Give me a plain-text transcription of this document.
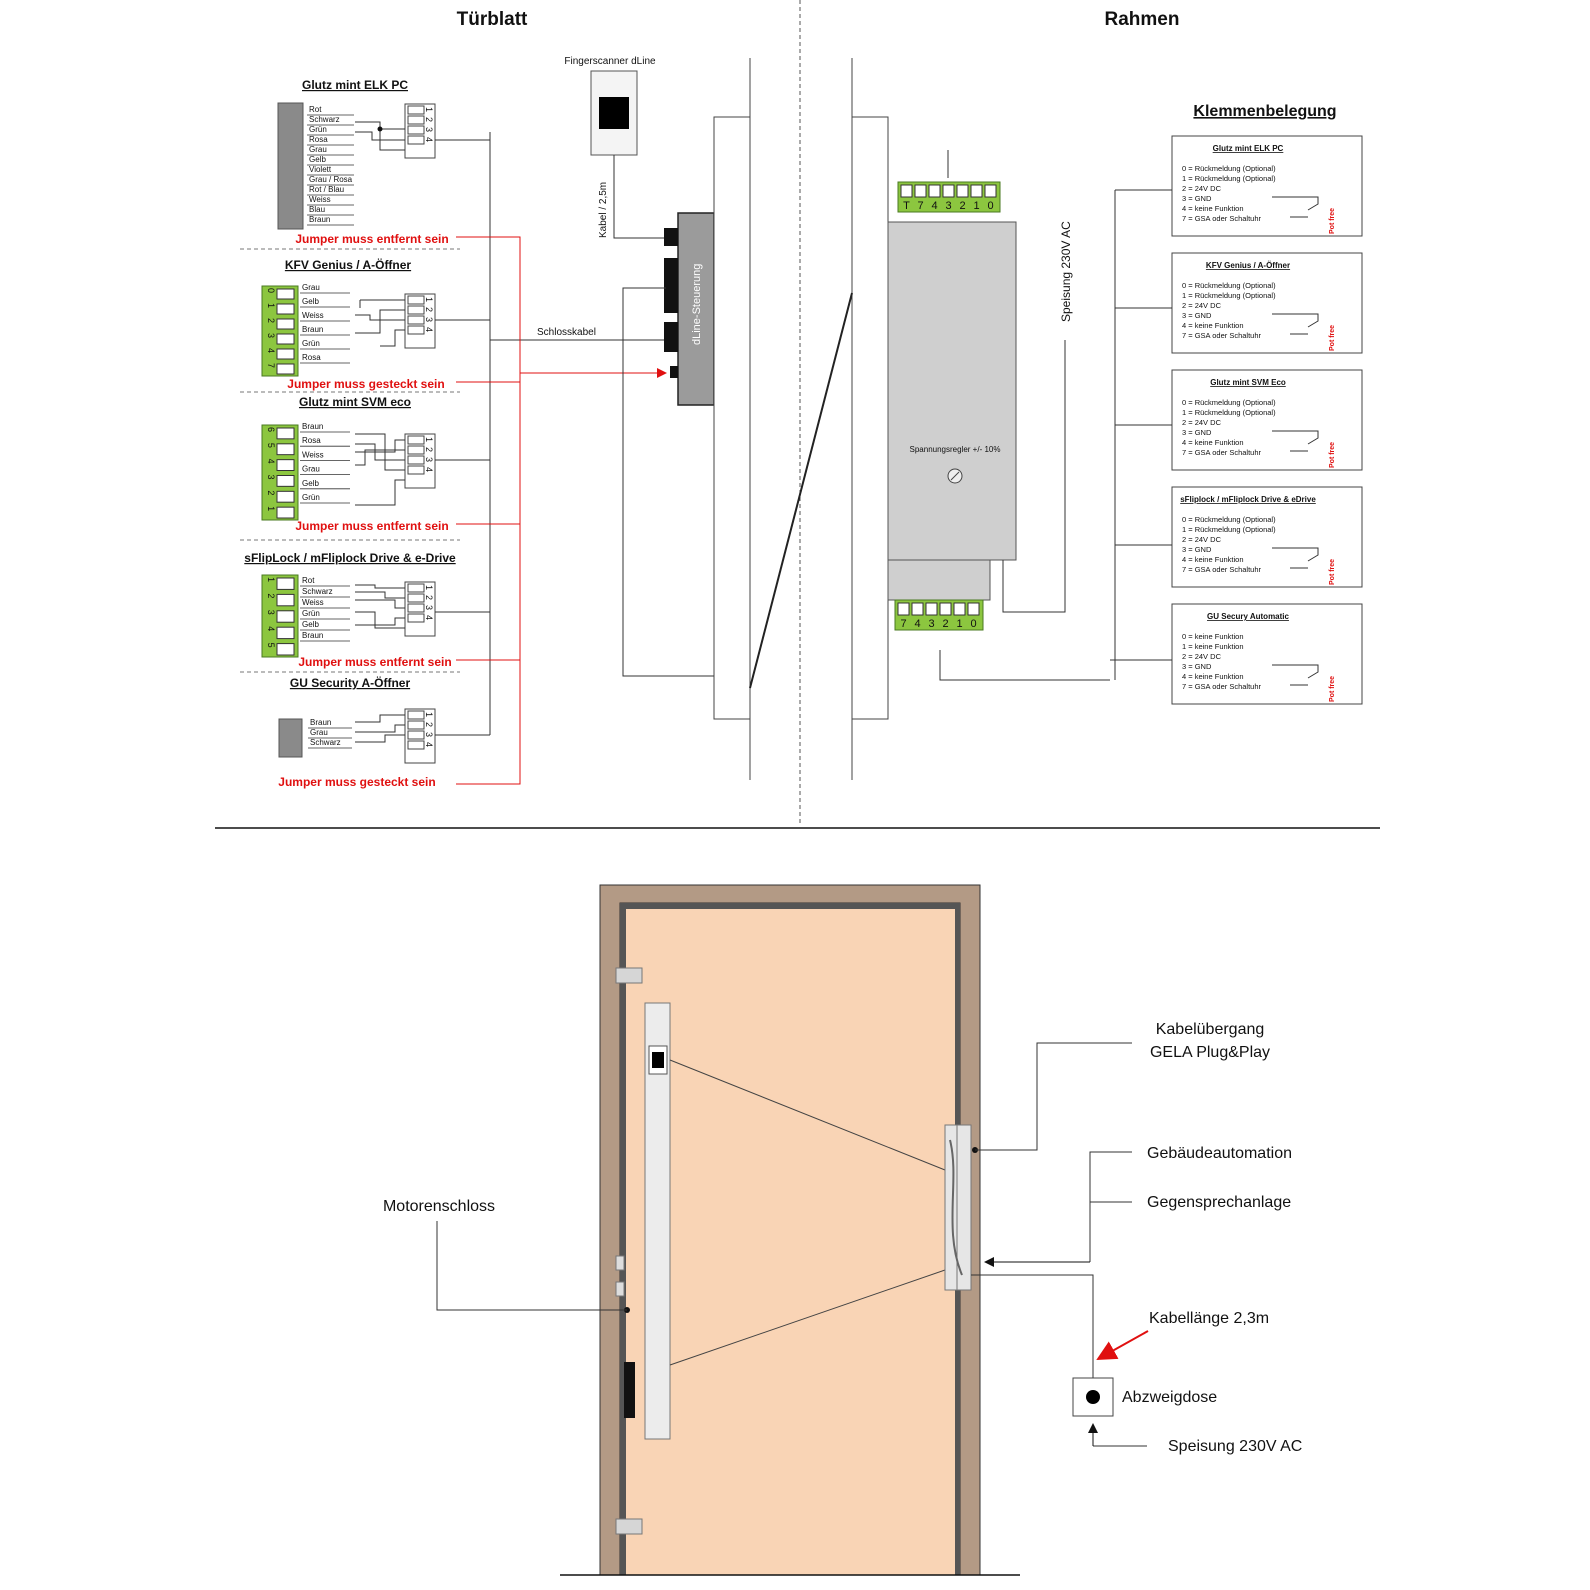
Türblatt	Rahmen
Glutz mint ELK PC
Rot
Schwarz
Grün
Rosa
Grau
Gelb
Violett
Grau / Rosa
Rot / Blau
Weiss
Blau
Braun
1
2
3
4
Jumper muss entfernt sein
KFV Genius / A-Öffner
0
1
2
3
4
7
Grau
Gelb
Weiss
Braun
Grün
Rosa
1
2
3
4
Jumper muss gesteckt sein
Glutz mint SVM eco
6
5
4
3
2
1
Braun
Rosa
Weiss
Grau
Gelb
Grün
1
2
3
4
Jumper muss entfernt sein
sFlipLock / mFliplock Drive & e-Drive
1
2
3
4
5
Rot
Schwarz
Weiss
Grün
Gelb
Braun
1
2
3
4
Jumper muss entfernt sein
GU Security A-Öffner
Braun
Grau
Schwarz
1
2
3
4
Jumper muss gesteckt sein
Schlosskabel
Fingerscanner dLine
Kabel / 2,5m
dLine-Steuerung
T 7 4 3 2 1 0
7 4 3 2 1 0
Spannungsregler +/- 10%
Speisung 230V AC
Klemmenbelegung
Glutz mint ELK PC
0 = Rückmeldung (Optional)
1 = Rückmeldung (Optional)
2 = 24V DC
3 = GND
4 = keine Funktion
7 = GSA oder Schaltuhr	Pot free
KFV Genius / A-Öffner
0 = Rückmeldung (Optional)
1 = Rückmeldung (Optional)
2 = 24V DC
3 = GND
4 = keine Funktion
7 = GSA oder Schaltuhr	Pot free
Glutz mint SVM Eco
0 = Rückmeldung (Optional)
1 = Rückmeldung (Optional)
2 = 24V DC
3 = GND
4 = keine Funktion
7 = GSA oder Schaltuhr	Pot free
sFliplock / mFliplock Drive & eDrive
0 = Rückmeldung (Optional)
1 = Rückmeldung (Optional)
2 = 24V DC
3 = GND
4 = keine Funktion
7 = GSA oder Schaltuhr	Pot free
GU Secury Automatic
0 = keine Funktion
1 = keine Funktion
2 = 24V DC
3 = GND
4 = keine Funktion
7 = GSA oder Schaltuhr	Pot free
Motorenschloss
Kabelübergang
GELA Plug&Play
Gebäudeautomation
Gegensprechanlage
Kabellänge 2,3m
Abzweigdose
Speisung 230V AC
